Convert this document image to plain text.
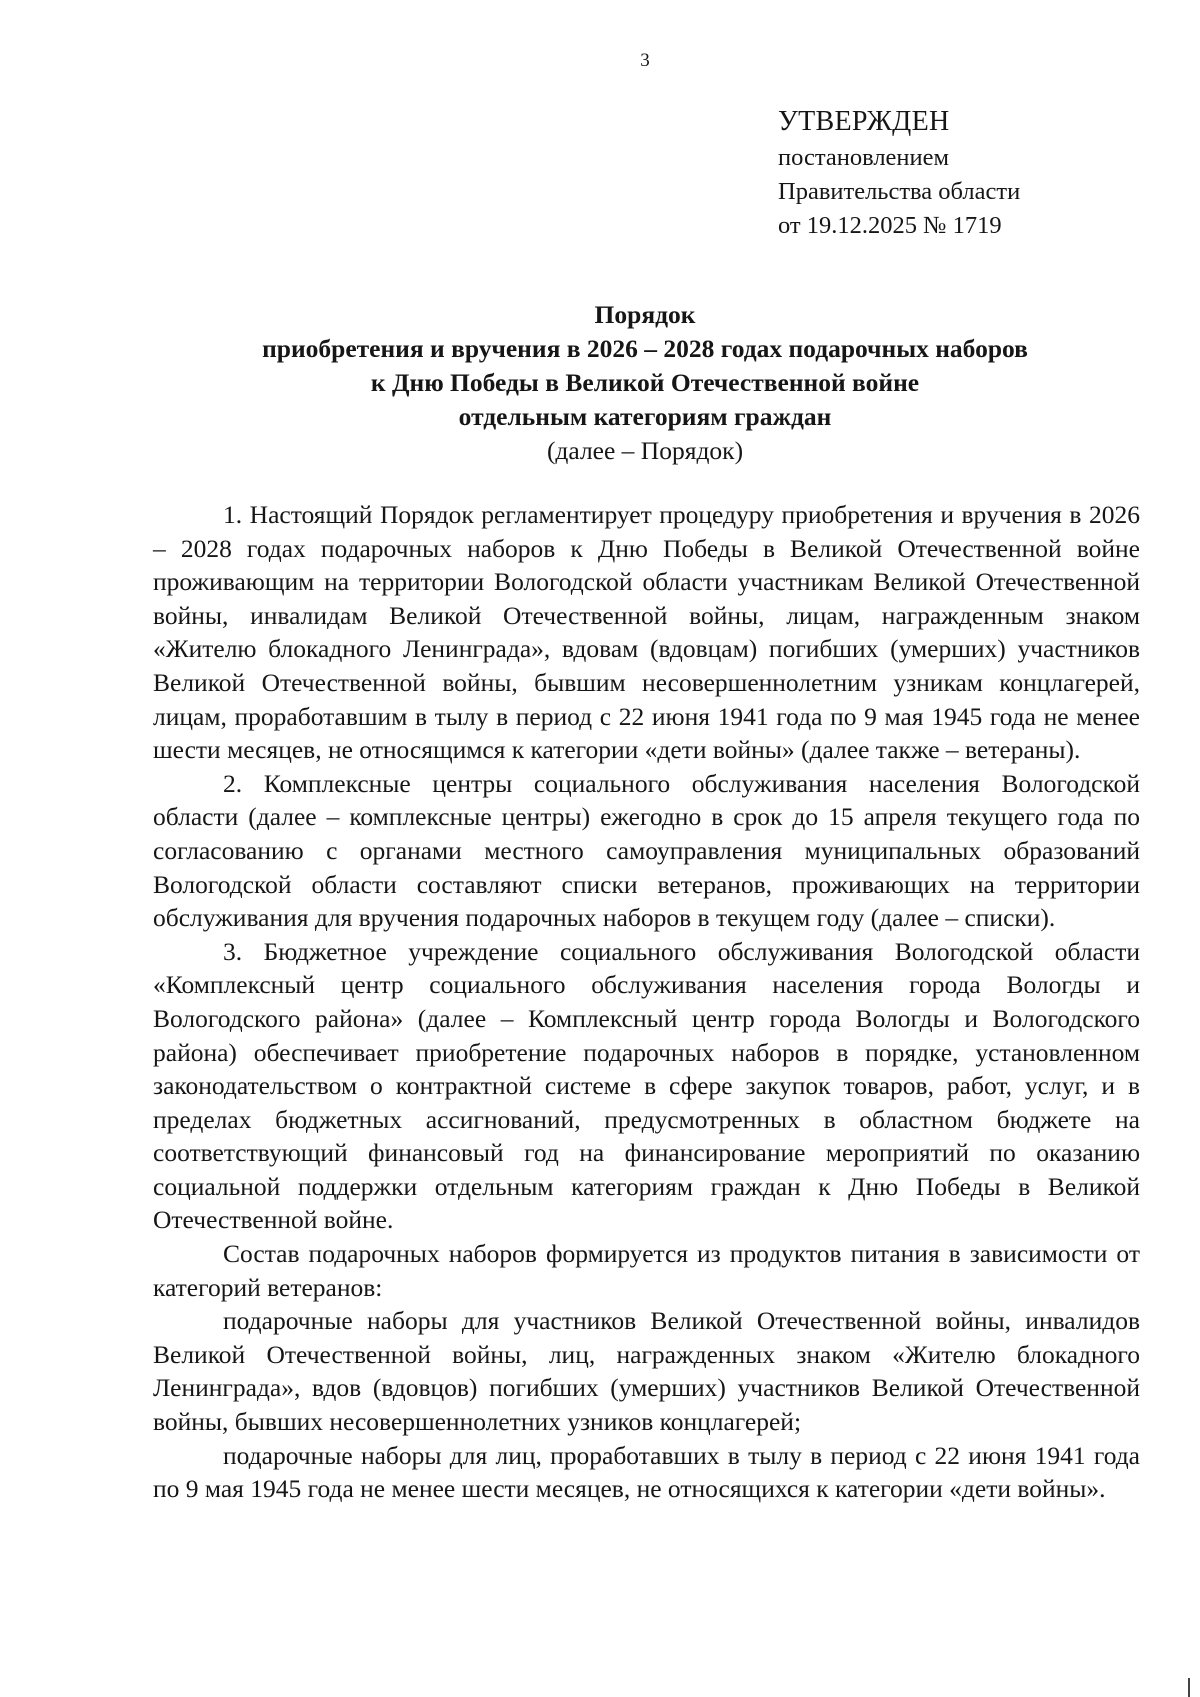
3
УТВЕРЖДЕН
постановлением
Правительства области
от 19.12.2025 № 1719
Порядок
приобретения и вручения в 2026 – 2028 годах подарочных наборов
к Дню Победы в Великой Отечественной войне
отдельным категориям граждан
(далее – Порядок)

1. Настоящий Порядок регламентирует процедуру приобретения и вручения в 2026 – 2028 годах подарочных наборов к Дню Победы в Великой Отечественной войне проживающим на территории Вологодской области участникам Великой Отечественной войны, инвалидам Великой Отечественной войны, лицам, награжденным знаком «Жителю блокадного Ленинграда», вдовам (вдовцам) погибших (умерших) участников Великой Отечественной войны, бывшим несовершеннолетним узникам концлагерей, лицам, проработавшим в тылу в период с 22 июня 1941 года по 9 мая 1945 года не менее шести месяцев, не относящимся к категории «дети войны» (далее также – ветераны).

2. Комплексные центры социального обслуживания населения Вологодской области (далее – комплексные центры) ежегодно в срок до 15 апреля текущего года по согласованию с органами местного самоуправления муниципальных образований Вологодской области составляют списки ветеранов, проживающих на территории обслуживания для вручения подарочных наборов в текущем году (далее – списки).

3. Бюджетное учреждение социального обслуживания Вологодской области «Комплексный центр социального обслуживания населения города Вологды и Вологодского района» (далее – Комплексный центр города Вологды и Вологодского района) обеспечивает приобретение подарочных наборов в порядке, установленном законодательством о контрактной системе в сфере закупок товаров, работ, услуг, и в пределах бюджетных ассигнований, предусмотренных в областном бюджете на соответствующий финансовый год на финансирование мероприятий по оказанию социальной поддержки отдельным категориям граждан к Дню Победы в Великой Отечественной войне.

Состав подарочных наборов формируется из продуктов питания в зависимости от категорий ветеранов:

подарочные наборы для участников Великой Отечественной войны, инвалидов Великой Отечественной войны, лиц, награжденных знаком «Жителю блокадного Ленинграда», вдов (вдовцов) погибших (умерших) участников Великой Отечественной войны, бывших несовершеннолетних узников концлагерей;

подарочные наборы для лиц, проработавших в тылу в период с 22 июня 1941 года по 9 мая 1945 года не менее шести месяцев, не относящихся к категории «дети войны».
